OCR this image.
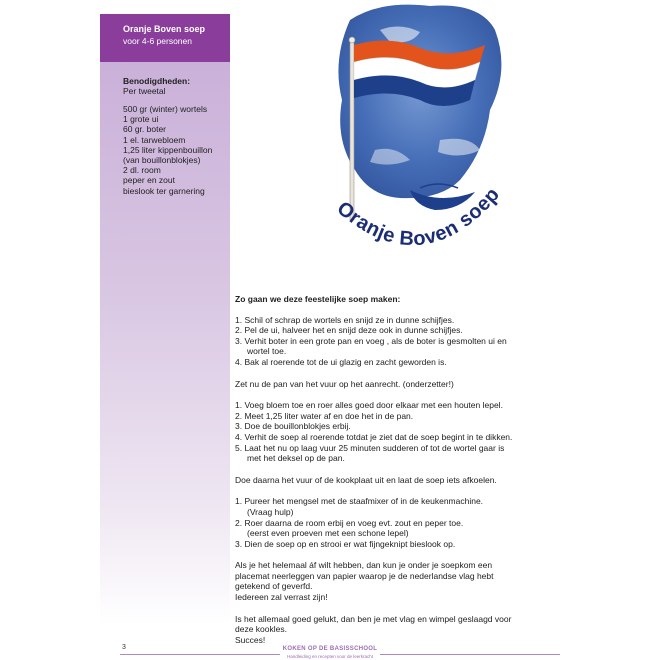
Oranje Boven soep
voor 4-6 personen
Benodigdheden:
Per tweetal
500 gr (winter) wortels
1 grote ui
60 gr. boter
1 el. tarwebloem
1,25 liter kippenbouillon
(van bouillonblokjes)
2 dl. room
peper en zout
bieslook ter garnering
Oranje Boven soep

Zo gaan we deze feestelijke soep maken:

1. Schil of schrap de wortels en snijd ze in dunne schijfjes.
2. Pel de ui, halveer het en snijd deze ook in dunne schijfjes.
3. Verhit boter in een grote pan en voeg , als de boter is gesmolten ui en
wortel toe.
4. Bak al roerende tot de ui glazig en zacht geworden is.

Zet nu de pan van het vuur op het aanrecht. (onderzetter!)

1. Voeg bloem toe en roer alles goed door elkaar met een houten lepel.
2. Meet 1,25 liter water af en doe het in de pan.
3. Doe de bouillonblokjes erbij.
4. Verhit de soep al roerende totdat je ziet dat de soep begint in te dikken.
5. Laat het nu op laag vuur 25 minuten sudderen of tot de wortel gaar is
met het deksel op de pan.

Doe daarna het vuur of de kookplaat uit en laat de soep iets afkoelen.

1. Pureer het mengsel met de staafmixer of in de keukenmachine.
(Vraag hulp)
2. Roer daarna de room erbij en voeg evt. zout en peper toe.
(eerst even proeven met een schone lepel)
3. Dien de soep op en strooi er wat fijngeknipt bieslook op.

Als je het helemaal áf wilt hebben, dan kun je onder je soepkom een
placemat neerleggen van papier waarop je de nederlandse vlag hebt
getekend of geverfd.
Iedereen zal verrast zijn!

Is het allemaal goed gelukt, dan ben je met vlag en wimpel geslaagd voor
deze kookles.
Succes!

3	KOKEN OP DE BASISSCHOOL
Handleiding en recepten voor de leerkracht
